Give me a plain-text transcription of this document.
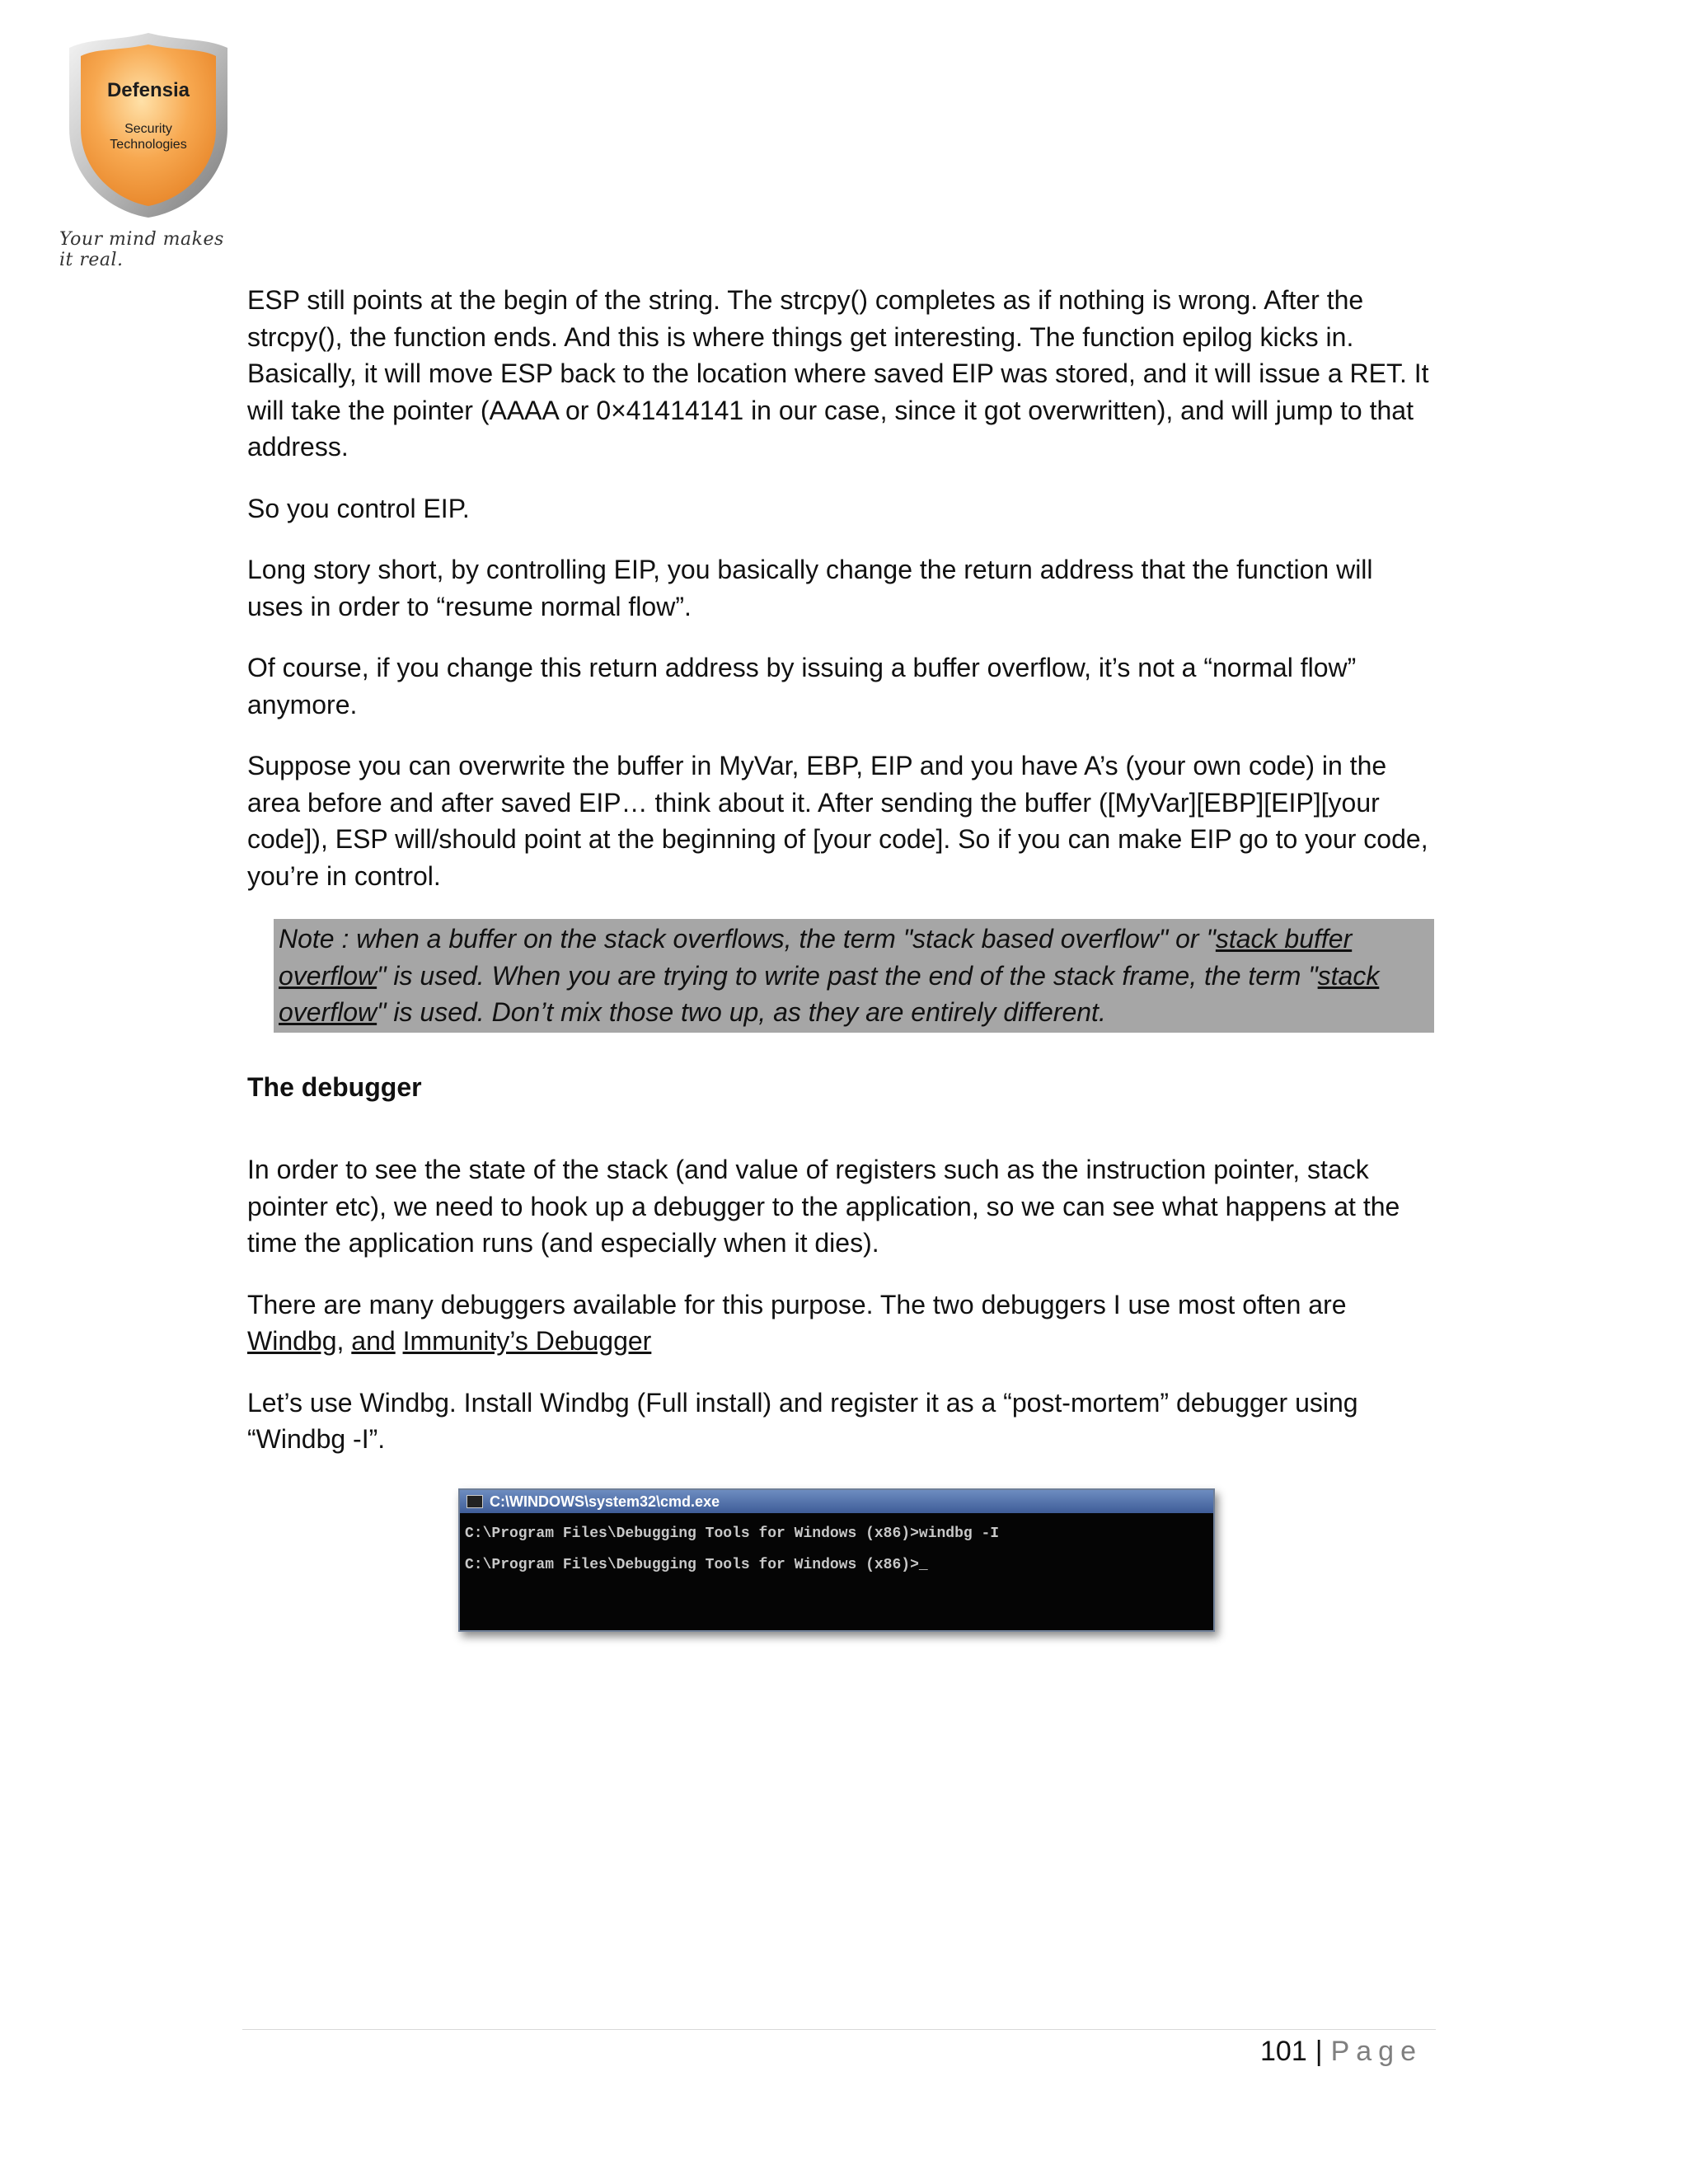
Defensia
Security
Technologies
Your mind makes it real.

ESP still points at the begin of the string. The strcpy() completes as if nothing is wrong. After the strcpy(), the function ends. And this is where things get interesting. The function epilog kicks in. Basically, it will move ESP back to the location where saved EIP was stored, and it will issue a RET. It will take the pointer (AAAA or 0×41414141 in our case, since it got overwritten), and will jump to that address.

So you control EIP.

Long story short, by controlling EIP, you basically change the return address that the function will uses in order to “resume normal flow”.

Of course, if you change this return address by issuing a buffer overflow, it’s not a “normal flow” anymore.

Suppose you can overwrite the buffer in MyVar, EBP, EIP and you have A’s (your own code) in the area before and after saved EIP… think about it. After sending the buffer ([MyVar][EBP][EIP][your code]), ESP will/should point at the beginning of [your code]. So if you can make EIP go to your code, you’re in control.

Note : when a buffer on the stack overflows, the term "stack based overflow" or "stack buffer overflow" is used. When you are trying to write past the end of the stack frame, the term "stack overflow" is used. Don’t mix those two up, as they are entirely different.
The debugger

In order to see the state of the stack (and value of registers such as the instruction pointer, stack pointer etc), we need to hook up a debugger to the application, so we can see what happens at the time the application runs (and especially when it dies).

There are many debuggers available for this purpose. The two debuggers I use most often are Windbg, and Immunity’s Debugger

Let’s use Windbg. Install Windbg (Full install) and register it as a “post-mortem” debugger using “Windbg -I”.

C:\WINDOWS\system32\cmd.exe
C:\Program Files\Debugging Tools for Windows (x86)>windbg -I
C:\Program Files\Debugging Tools for Windows (x86)>_
101 | Page
